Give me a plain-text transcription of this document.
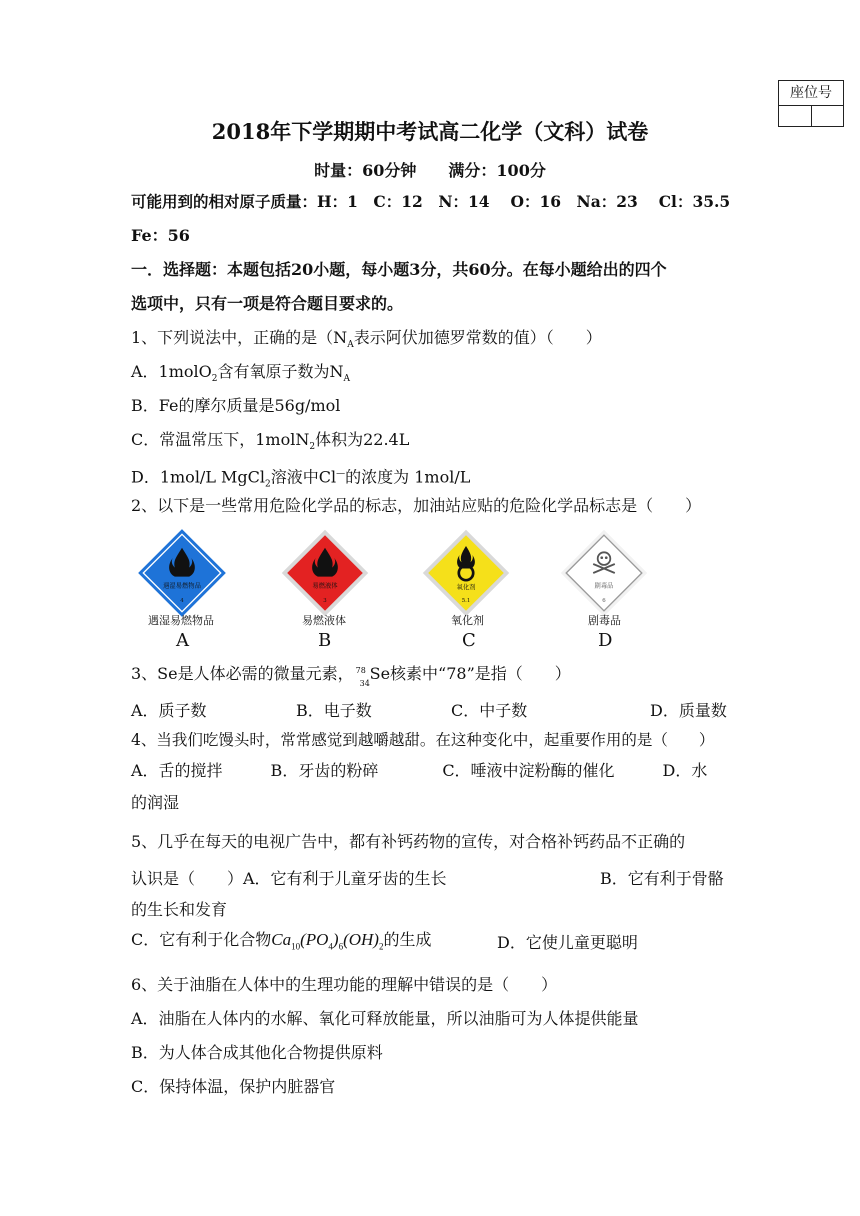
座位号
2018年下学期期中考试高二化学（文科）试卷
时量：60分钟　　满分：100分
可能用到的相对原子质量：H：1　C：12　N：14　 O：16　Na：23　 Cl：35.5
Fe：56
一．选择题：本题包括20小题，每小题3分，共60分。在每小题给出的四个
选项中，只有一项是符合题目要求的。
1、下列说法中，正确的是（$N_A$表示阿伏加德罗常数的值）（　　）
A．1molO$_2$含有氧原子数为$N_A$
B．Fe的摩尔质量是56g/mol
C．常温常压下，1molN$_2$体积为22.4L
D．1mol/L MgCl$_2$溶液中Cl—的浓度为 1mol/L
2、以下是一些常用危险化学品的标志，加油站应贴的危险化学品标志是（　　）
遇湿易燃物品
4
易燃液体
3
氧化剂
5.1
剧毒品
6
遇湿易燃物品	易燃液体	氧化剂	剧毒品
A	B	C	D
3、Se是人体必需的微量元素， 78
34
Se核素中“78”是指（　　）
A．质子数	B．电子数	C．中子数	D．质量数
4、当我们吃馒头时，常常感觉到越嚼越甜。在这种变化中，起重要作用的是（　　）
A．舌的搅拌　　　B．牙齿的粉碎　　　　C．唾液中淀粉酶的催化　　　D．水
的润湿
5、几乎在每天的电视广告中，都有补钙药物的宣传，对合格补钙药品不正确的
认识是（　　）A．它有利于儿童牙齿的生长	B．它有利于骨骼
的生长和发育
C．它有利于化合物$Ca_{10}(PO_4)_6(OH)_2$的生成	D．它使儿童更聪明
6、关于油脂在人体中的生理功能的理解中错误的是（　　）
A．油脂在人体内的水解、氧化可释放能量，所以油脂可为人体提供能量
B．为人体合成其他化合物提供原料
C．保持体温，保护内脏器官
